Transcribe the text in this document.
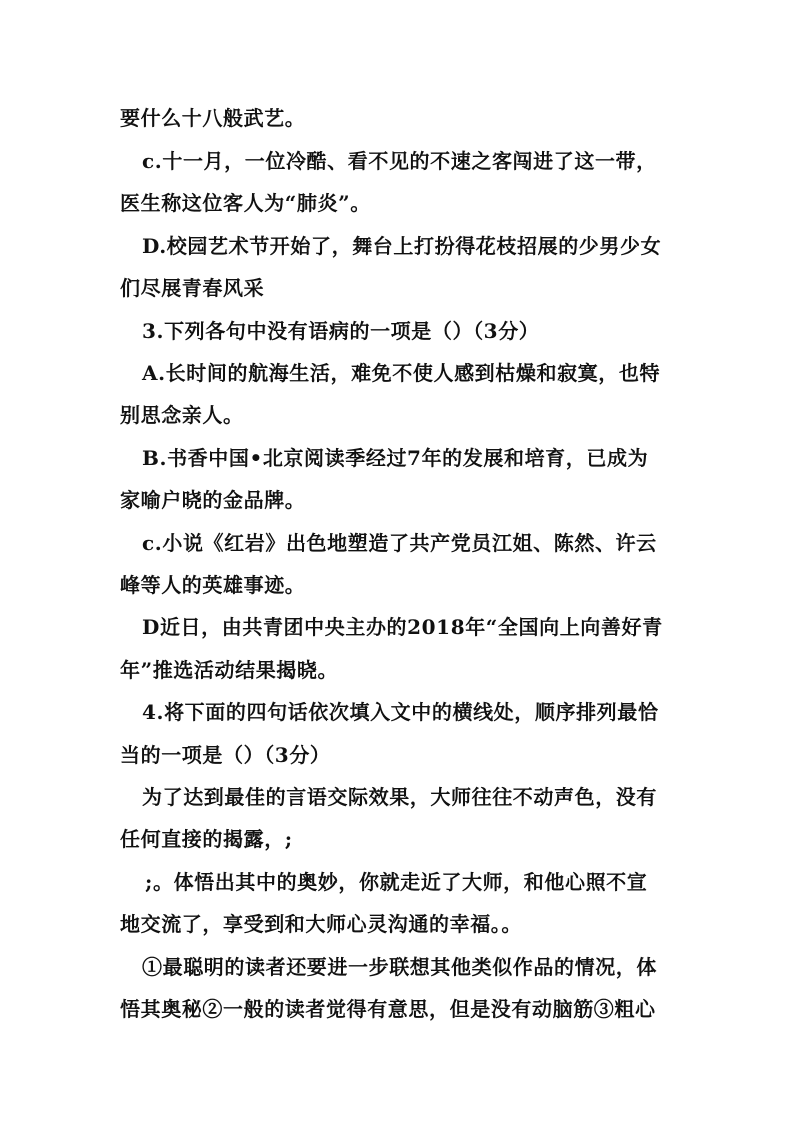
要什么十八般武艺。
c.十一月，一位冷酷、看不见的不速之客闯进了这一带，
医生称这位客人为“肺炎”。
D.校园艺术节开始了，舞台上打扮得花枝招展的少男少女
们尽展青春风采
3.下列各句中没有语病的一项是（）（3分）
A.长时间的航海生活，难免不使人感到枯燥和寂寞，也特
别思念亲人。
B.书香中国•北京阅读季经过7年的发展和培育，已成为
家喻户晓的金品牌。
c.小说《红岩》出色地塑造了共产党员江姐、陈然、许云
峰等人的英雄事迹。
D近日，由共青团中央主办的2018年“全国向上向善好青
年”推选活动结果揭晓。
4.将下面的四句话依次填入文中的横线处，顺序排列最恰
当的一项是（）（3分）
为了达到最佳的言语交际效果，大师往往不动声色，没有
任何直接的揭露，;
;。体悟出其中的奥妙，你就走近了大师，和他心照不宣
地交流了，享受到和大师心灵沟通的幸福。。
①最聪明的读者还要进一步联想其他类似作品的情况，体
悟其奥秘②一般的读者觉得有意思，但是没有动脑筋③粗心
